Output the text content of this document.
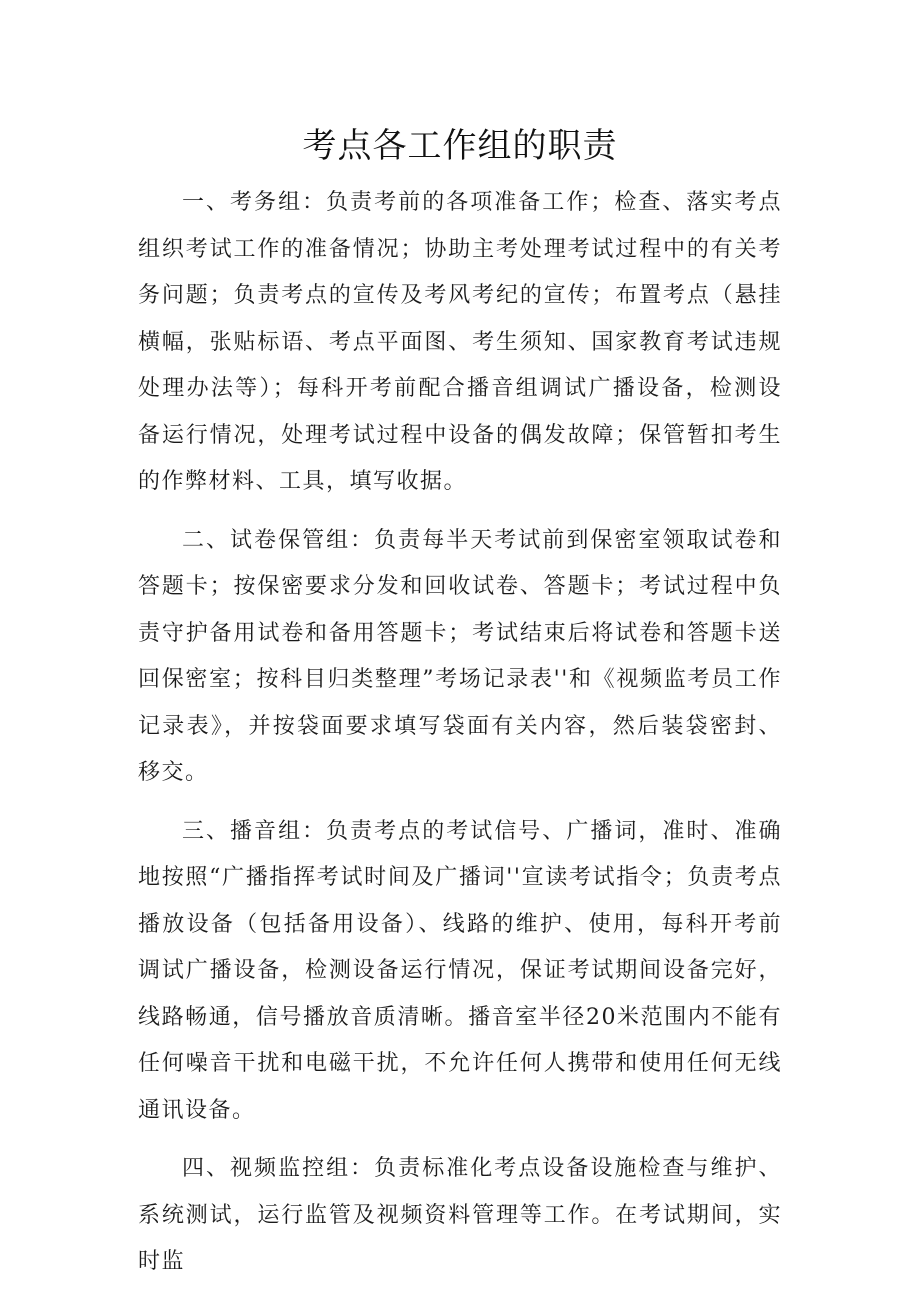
考点各工作组的职责

一、考务组：负责考前的各项准备工作；检查、落实考点组织考试工作的准备情况；协助主考处理考试过程中的有关考务问题；负责考点的宣传及考风考纪的宣传；布置考点（悬挂横幅，张贴标语、考点平面图、考生须知、国家教育考试违规处理办法等）；每科开考前配合播音组调试广播设备，检测设备运行情况，处理考试过程中设备的偶发故障；保管暂扣考生的作弊材料、工具，填写收据。

二、试卷保管组：负责每半天考试前到保密室领取试卷和答题卡；按保密要求分发和回收试卷、答题卡；考试过程中负责守护备用试卷和备用答题卡；考试结束后将试卷和答题卡送回保密室；按科目归类整理”考场记录表''和《视频监考员工作记录表》，并按袋面要求填写袋面有关内容，然后装袋密封、移交。

三、播音组：负责考点的考试信号、广播词，准时、准确地按照“广播指挥考试时间及广播词''宣读考试指令；负责考点播放设备（包括备用设备）、线路的维护、使用，每科开考前调试广播设备，检测设备运行情况，保证考试期间设备完好，线路畅通，信号播放音质清晰。播音室半径20米范围内不能有任何噪音干扰和电磁干扰，不允许任何人携带和使用任何无线通讯设备。

四、视频监控组：负责标准化考点设备设施检查与维护、系统测试，运行监管及视频资料管理等工作。在考试期间，实时监
